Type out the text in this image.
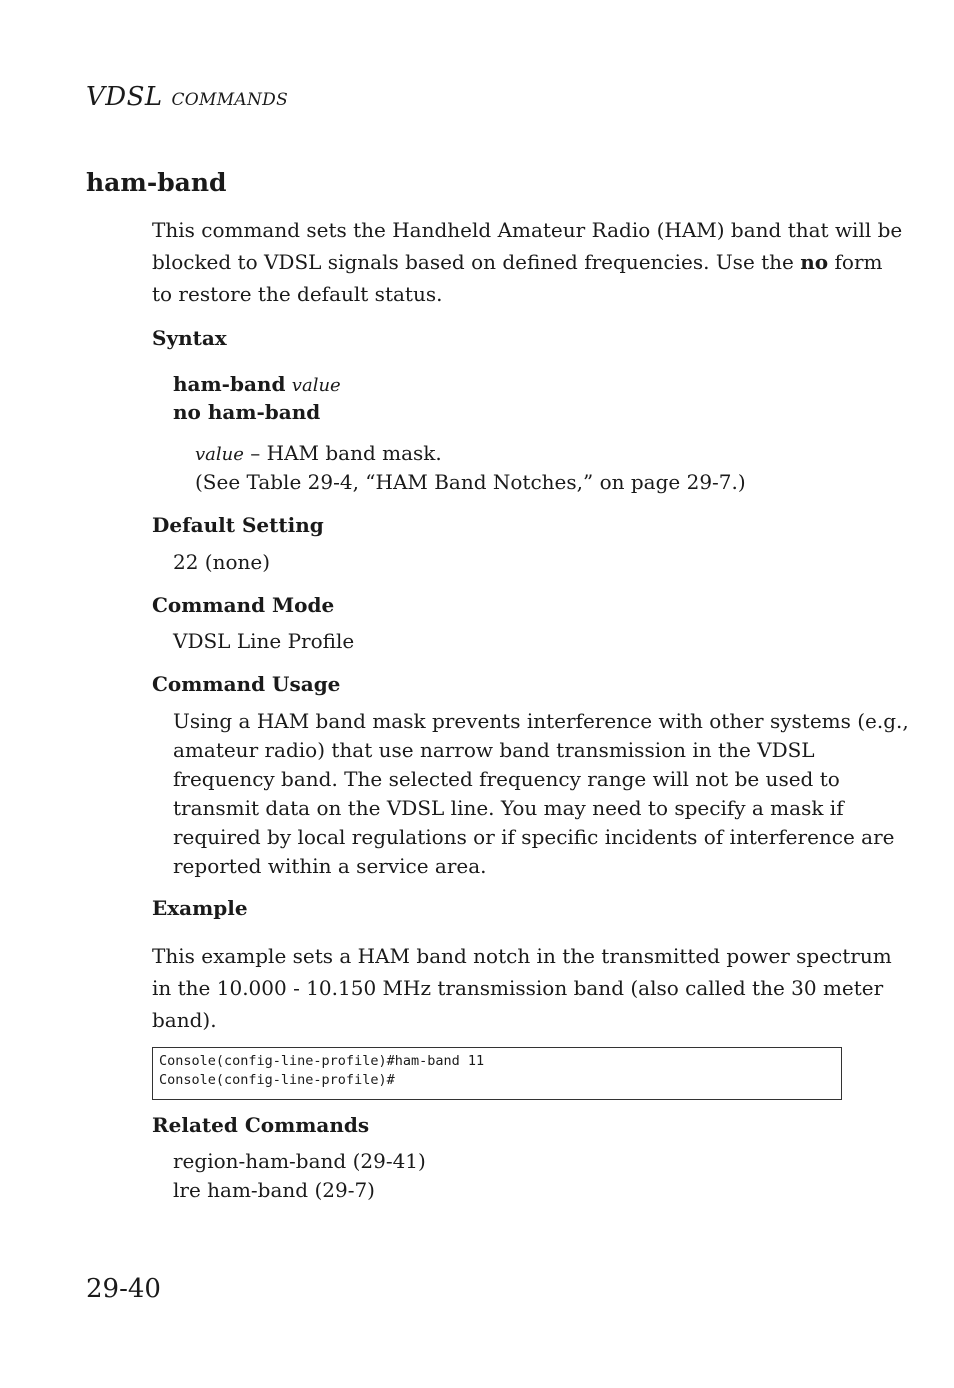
VDSL COMMANDS
ham-band
This command sets the Handheld Amateur Radio (HAM) band that will be
blocked to VDSL signals based on defined frequencies. Use the no form
to restore the default status.
Syntax
ham-band value
no ham-band
value – HAM band mask.
(See Table 29-4, “HAM Band Notches,” on page 29-7.)
Default Setting
22 (none)
Command Mode
VDSL Line Profile
Command Usage
Using a HAM band mask prevents interference with other systems (e.g.,
amateur radio) that use narrow band transmission in the VDSL
frequency band. The selected frequency range will not be used to
transmit data on the VDSL line. You may need to specify a mask if
required by local regulations or if specific incidents of interference are
reported within a service area.
Example
This example sets a HAM band notch in the transmitted power spectrum
in the 10.000 - 10.150 MHz transmission band (also called the 30 meter
band).
Console(config-line-profile)#ham-band 11
Console(config-line-profile)#
Related Commands
region-ham-band (29-41)
lre ham-band (29-7)
29-40
